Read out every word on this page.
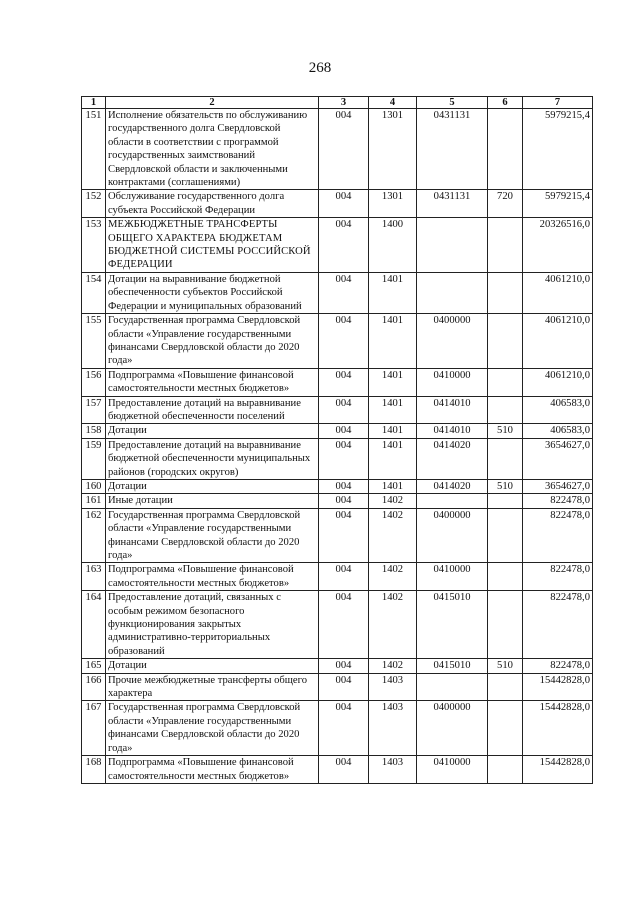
268
1	2	3	4	5	6	7
151	Исполнение обязательств по обслуживанию государственного долга Свердловской области в соответствии с программой государственных заимствований Свердловской области и заключенными контрактами (соглашениями)	004	1301	0431131		5979215,4
152	Обслуживание государственного долга субъекта Российской Федерации	004	1301	0431131	720	5979215,4
153	МЕЖБЮДЖЕТНЫЕ ТРАНСФЕРТЫ ОБЩЕГО ХАРАКТЕРА БЮДЖЕТАМ БЮДЖЕТНОЙ СИСТЕМЫ РОССИЙСКОЙ ФЕДЕРАЦИИ	004	1400			20326516,0
154	Дотации на выравнивание бюджетной обеспеченности субъектов Российской Федерации и муниципальных образований	004	1401			4061210,0
155	Государственная программа Свердловской области «Управление государственными финансами Свердловской области до 2020 года»	004	1401	0400000		4061210,0
156	Подпрограмма «Повышение финансовой самостоятельности местных бюджетов»	004	1401	0410000		4061210,0
157	Предоставление дотаций на выравнивание бюджетной обеспеченности поселений	004	1401	0414010		406583,0
158	Дотации	004	1401	0414010	510	406583,0
159	Предоставление дотаций на выравнивание бюджетной обеспеченности муниципальных районов (городских округов)	004	1401	0414020		3654627,0
160	Дотации	004	1401	0414020	510	3654627,0
161	Иные дотации	004	1402			822478,0
162	Государственная программа Свердловской области «Управление государственными финансами Свердловской области до 2020 года»	004	1402	0400000		822478,0
163	Подпрограмма «Повышение финансовой самостоятельности местных бюджетов»	004	1402	0410000		822478,0
164	Предоставление дотаций, связанных с особым режимом безопасного функционирования закрытых административно-территориальных образований	004	1402	0415010		822478,0
165	Дотации	004	1402	0415010	510	822478,0
166	Прочие межбюджетные трансферты общего характера	004	1403			15442828,0
167	Государственная программа Свердловской области «Управление государственными финансами Свердловской области до 2020 года»	004	1403	0400000		15442828,0
168	Подпрограмма «Повышение финансовой самостоятельности местных бюджетов»	004	1403	0410000		15442828,0
